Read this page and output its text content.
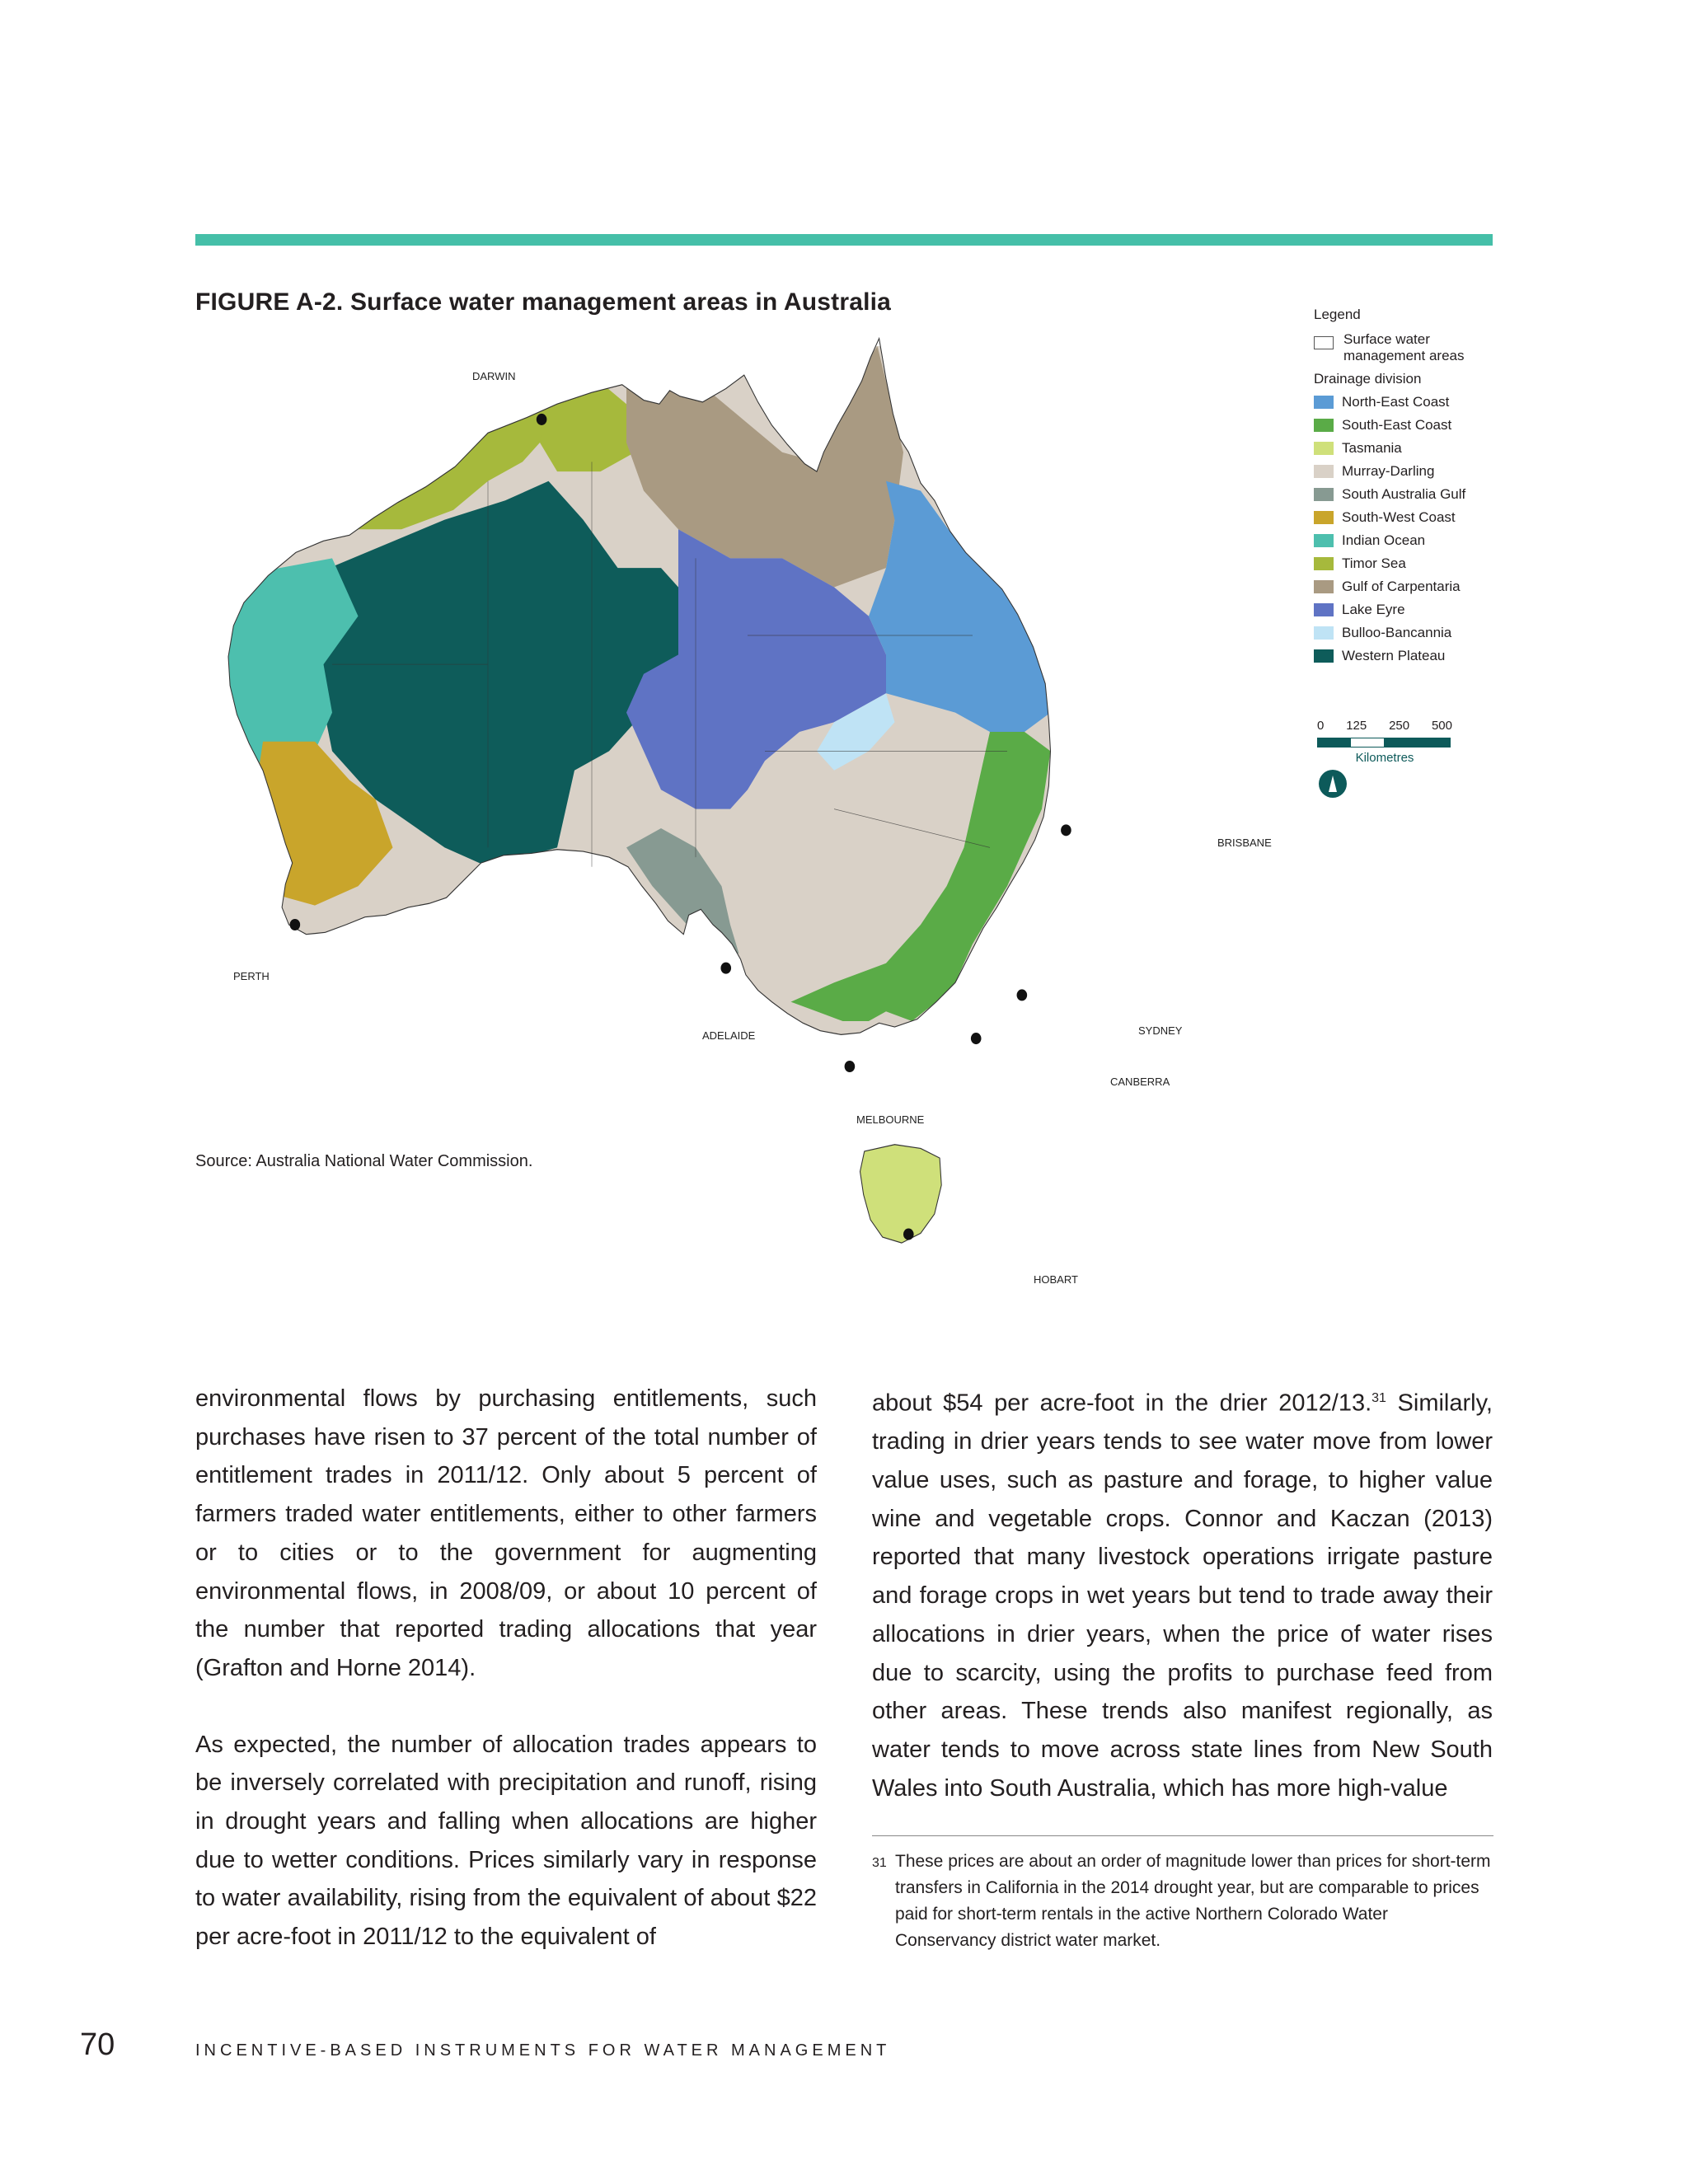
FIGURE A-2. Surface water management areas in Australia
DARWIN
PERTH
ADELAIDE
MELBOURNE
SYDNEY
CANBERRA
BRISBANE
HOBART
Legend
Surface water management areas
Drainage division
North-East Coast
South-East Coast
Tasmania
Murray-Darling
South Australia Gulf
South-West Coast
Indian Ocean
Timor Sea
Gulf of Carpentaria
Lake Eyre
Bulloo-Bancannia
Western Plateau
0 125 250 500
Kilometres
Source: Australia National Water Commission.

environmental flows by purchasing entitlements, such purchases have risen to 37 percent of the total number of entitlement trades in 2011/12. Only about 5 percent of farmers traded water entitlements, either to other farmers or to cities or to the government for augmenting environmental flows, in 2008/09, or about 10 percent of the number that reported trading allocations that year (Grafton and Horne 2014).

As expected, the number of allocation trades appears to be inversely correlated with precipitation and runoff, rising in drought years and falling when allocations are higher due to wetter conditions. Prices similarly vary in response to water availability, rising from the equivalent of about $22 per acre-foot in 2011/12 to the equivalent of

about $54 per acre-foot in the drier 2012/13.31 Similarly, trading in drier years tends to see water move from lower value uses, such as pasture and forage, to higher value wine and vegetable crops. Connor and Kaczan (2013) reported that many livestock operations irrigate pasture and forage crops in wet years but tend to trade away their allocations in drier years, when the price of water rises due to scarcity, using the profits to purchase feed from other areas. These trends also manifest regionally, as water tends to move across state lines from New South Wales into South Australia, which has more high-value

31 These prices are about an order of magnitude lower than prices for short-term transfers in California in the 2014 drought year, but are comparable to prices paid for short-term rentals in the active Northern Colorado Water Conservancy district water market.
70	INCENTIVE-BASED INSTRUMENTS FOR WATER MANAGEMENT
